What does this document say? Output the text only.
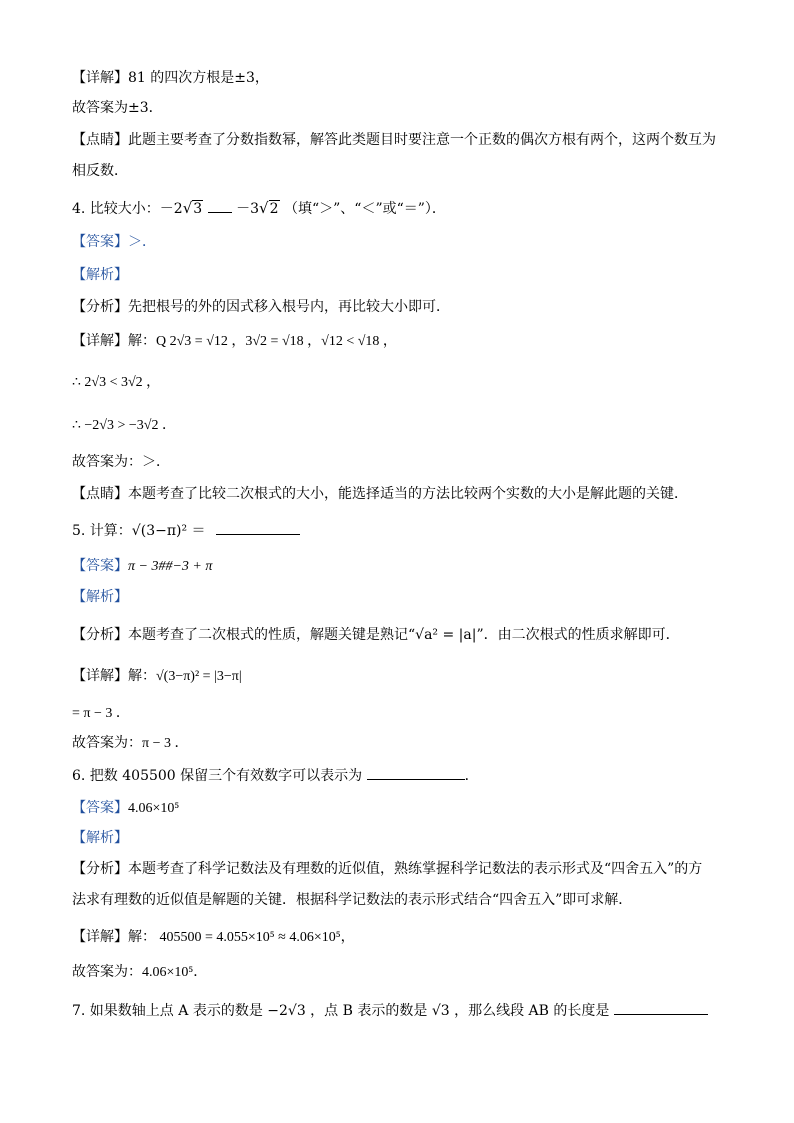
【详解】81 的四次方根是±3，
故答案为±3．
【点睛】此题主要考查了分数指数幂，解答此类题目时要注意一个正数的偶次方根有两个，这两个数互为
相反数．
4. 比较大小：－2√3 －3√2 （填“＞”、“＜”或“＝”）．
【答案】＞．
【解析】
【分析】先把根号的外的因式移入根号内，再比较大小即可．
【详解】解：Q 2√3 = √12 ，3√2 = √18 ，√12 < √18 ，
∴ 2√3 < 3√2 ，
∴ −2√3 > −3√2 ．
故答案为：＞．
【点睛】本题考查了比较二次根式的大小，能选择适当的方法比较两个实数的大小是解此题的关键．
5. 计算：√(3−π)² ＝
【答案】π − 3##−3 + π
【解析】
【分析】本题考查了二次根式的性质，解题关键是熟记“√a² = |a|”．由二次根式的性质求解即可．
【详解】解：√(3−π)² = |3−π|
= π − 3 ．
故答案为：π − 3 ．
6. 把数 405500 保留三个有效数字可以表示为	．
【答案】4.06×10⁵
【解析】
【分析】本题考查了科学记数法及有理数的近似值，熟练掌握科学记数法的表示形式及“四舍五入”的方
法求有理数的近似值是解题的关键．根据科学记数法的表示形式结合“四舍五入”即可求解．
【详解】解： 405500 = 4.055×10⁵ ≈ 4.06×10⁵，
故答案为：4.06×10⁵．
7. 如果数轴上点 A 表示的数是 −2√3 ，点 B 表示的数是 √3 ，那么线段 AB 的长度是
